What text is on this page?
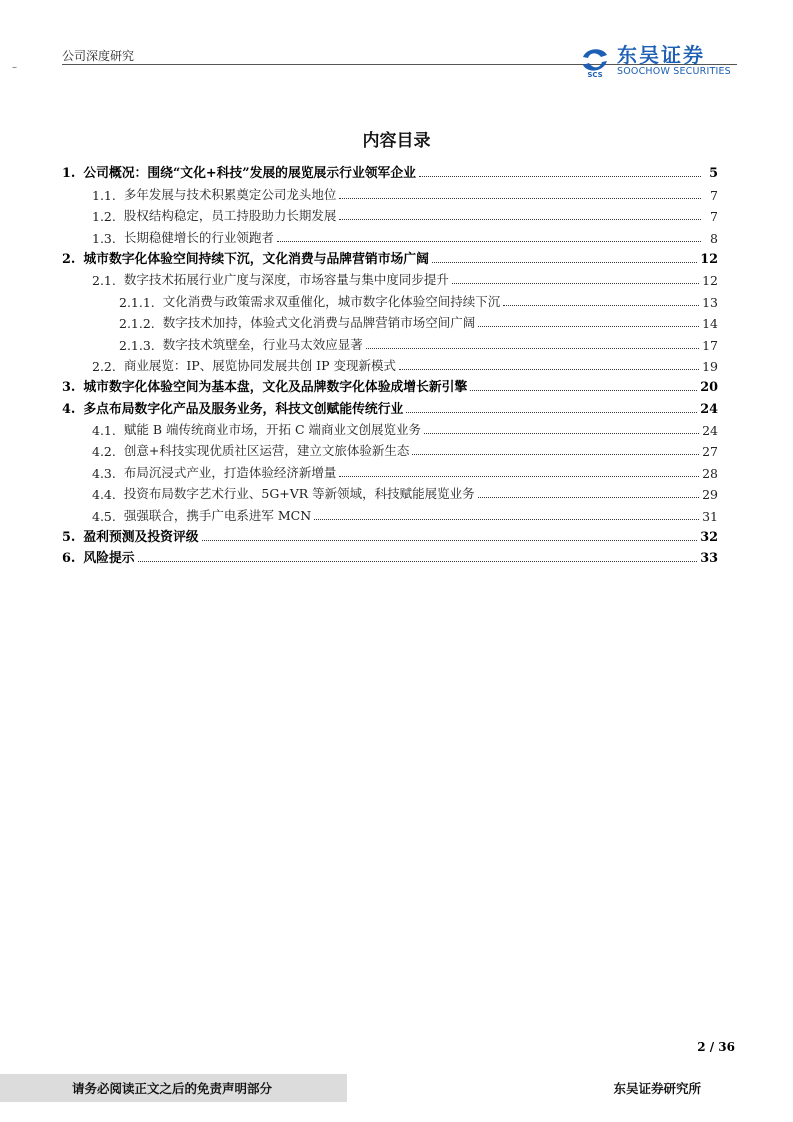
公司深度研究
–
SCS
东吴证券
SOOCHOW SECURITIES
内容目录
1. 公司概况：围绕“文化+科技”发展的展览展示行业领军企业	5
1.1. 多年发展与技术积累奠定公司龙头地位	7
1.2. 股权结构稳定，员工持股助力长期发展	7
1.3. 长期稳健增长的行业领跑者	8
2. 城市数字化体验空间持续下沉，文化消费与品牌营销市场广阔	12
2.1. 数字技术拓展行业广度与深度，市场容量与集中度同步提升	12
2.1.1. 文化消费与政策需求双重催化，城市数字化体验空间持续下沉	13
2.1.2. 数字技术加持，体验式文化消费与品牌营销市场空间广阔	14
2.1.3. 数字技术筑壁垒，行业马太效应显著	17
2.2. 商业展览：IP、展览协同发展共创 IP 变现新模式	19
3. 城市数字化体验空间为基本盘，文化及品牌数字化体验成增长新引擎	20
4. 多点布局数字化产品及服务业务，科技文创赋能传统行业	24
4.1. 赋能 B 端传统商业市场，开拓 C 端商业文创展览业务	24
4.2. 创意+科技实现优质社区运营，建立文旅体验新生态	27
4.3. 布局沉浸式产业，打造体验经济新增量	28
4.4. 投资布局数字艺术行业、5G+VR 等新领域，科技赋能展览业务	29
4.5. 强强联合，携手广电系进军 MCN	31
5. 盈利预测及投资评级	32
6. 风险提示	33
2 / 36
请务必阅读正文之后的免责声明部分	东吴证券研究所
